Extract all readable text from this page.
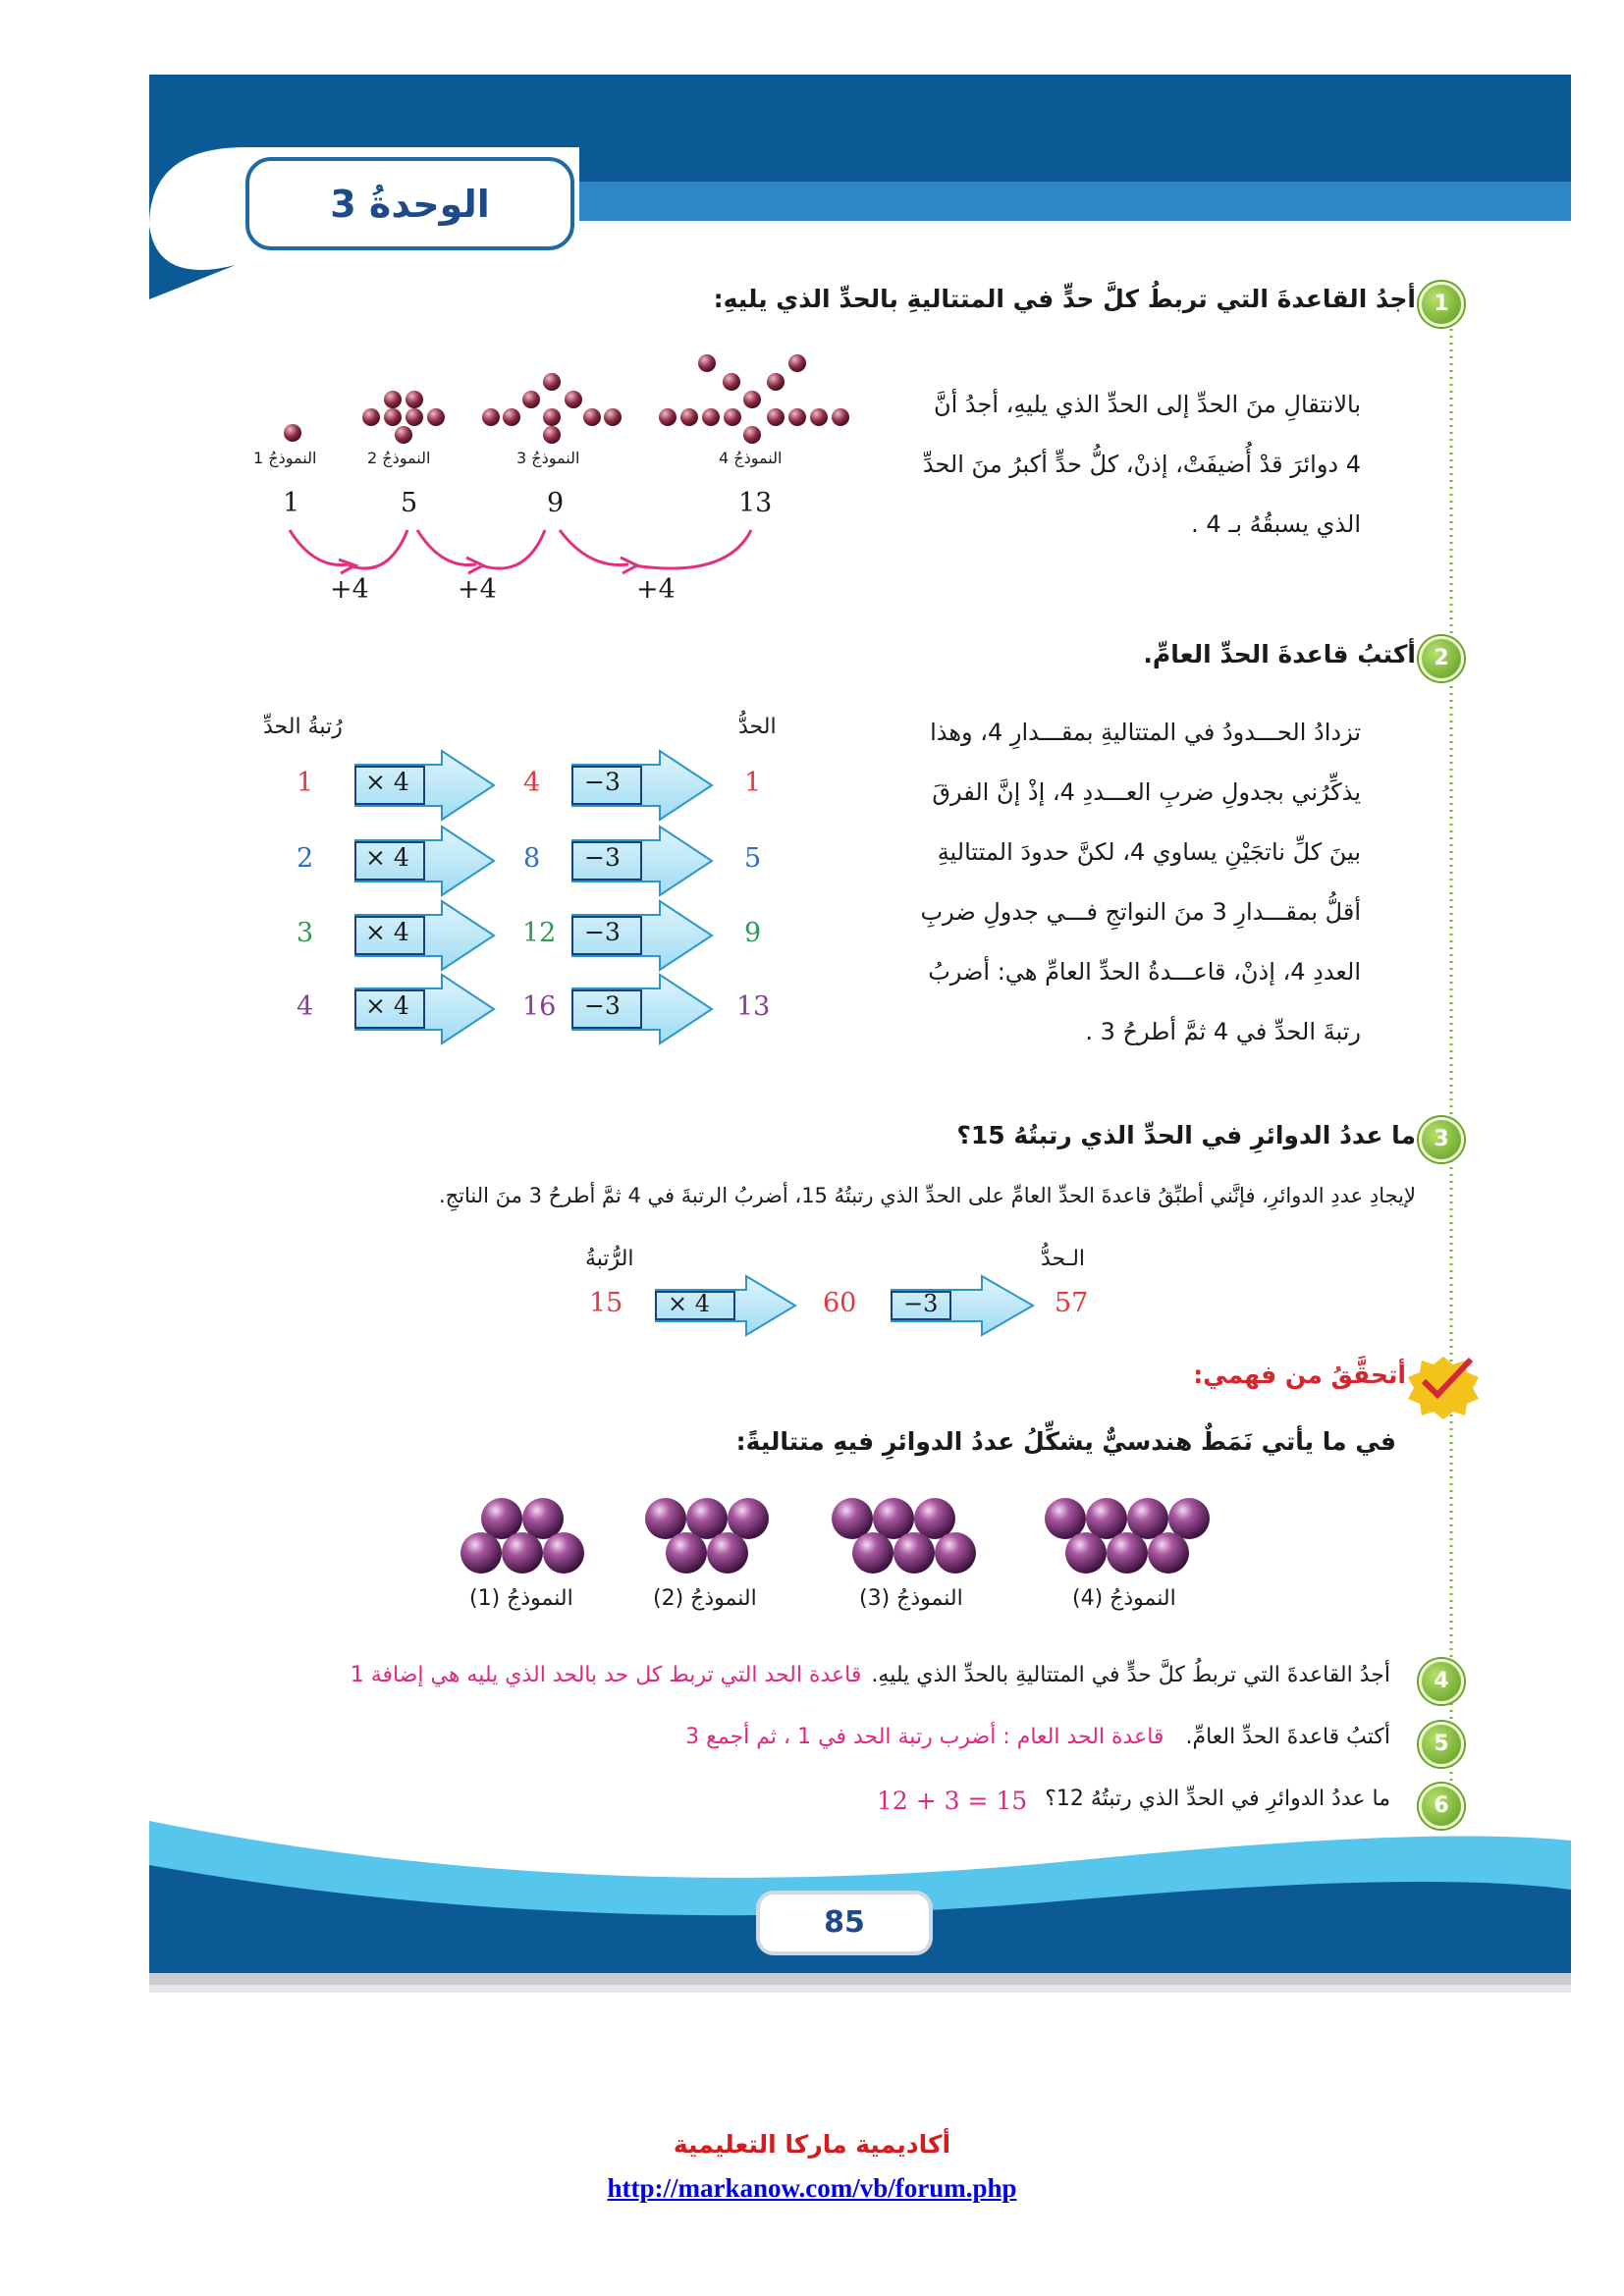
الوحدةُ 3
1
أجدُ القاعدةَ التي تربطُ كلَّ حدٍّ في المتتاليةِ بالحدِّ الذي يليهِ:
بالانتقالِ منَ الحدِّ إلى الحدِّ الذي يليهِ، أجدُ أنَّ
4 دوائرَ قدْ أُضيفَتْ، إذنْ، كلُّ حدٍّ أكبرُ منَ الحدِّ
الذي يسبقُهُ بـ 4 .
النموذجُ 1	النموذجُ 2	النموذجُ 3	النموذجُ 4
1	5	9	13
+4	+4	+4
2
أكتبُ قاعدةَ الحدِّ العامِّ.
تزدادُ الحـــدودُ في المتتاليةِ بمقـــدارِ 4، وهذا
يذكِّرُني بجدولِ ضربِ العـــددِ 4، إذْ إنَّ الفرقَ
بينَ كلِّ ناتجَيْنِ يساوي 4، لكنَّ حدودَ المتتاليةِ
أقلُّ بمقـــدارِ 3 منَ النواتجِ فـــي جدولِ ضربِ
العددِ 4، إذنْ، قاعـــدةُ الحدِّ العامِّ هي: أضربُ
رتبةَ الحدِّ في 4 ثمَّ أطرحُ 3 .
رُتبةُ الحدِّ	الحدُّ
1 × 4	4 −3	1
2 × 4	8 −3	5
3 × 4	12 −3	9
4 × 4	16 −3	13
3
ما عددُ الدوائرِ في الحدِّ الذي رتبتُهُ 15؟
لإيجادِ عددِ الدوائرِ، فإنَّني أطبِّقُ قاعدةَ الحدِّ العامِّ على الحدِّ الذي رتبتُهُ 15، أضربُ الرتبةَ في 4 ثمَّ أطرحُ 3 منَ الناتجِ.
الرُّتبةُ	الـحدُّ
15 × 4	60 −3	57
أتحقَّقُ من فهمي:
في ما يأتي نَمَطٌ هندسيٌّ يشكِّلُ عددُ الدوائرِ فيهِ متتاليةً:
النموذجُ (1)	النموذجُ (2)	النموذجُ (3)	النموذجُ (4)
4
أجدُ القاعدةَ التي تربطُ كلَّ حدٍّ في المتتاليةِ بالحدِّ الذي يليهِ.
قاعدة الحد التي تربط كل حد بالحد الذي يليه هي إضافة 1
5
أكتبُ قاعدةَ الحدِّ العامِّ.
قاعدة الحد العام : أضرب رتبة الحد في 1 ، ثم أجمع 3
6
ما عددُ الدوائرِ في الحدِّ الذي رتبتُهُ 12؟
12 + 3 = 15
85
أكاديمية ماركا التعليمية
http://markanow.com/vb/forum.php
